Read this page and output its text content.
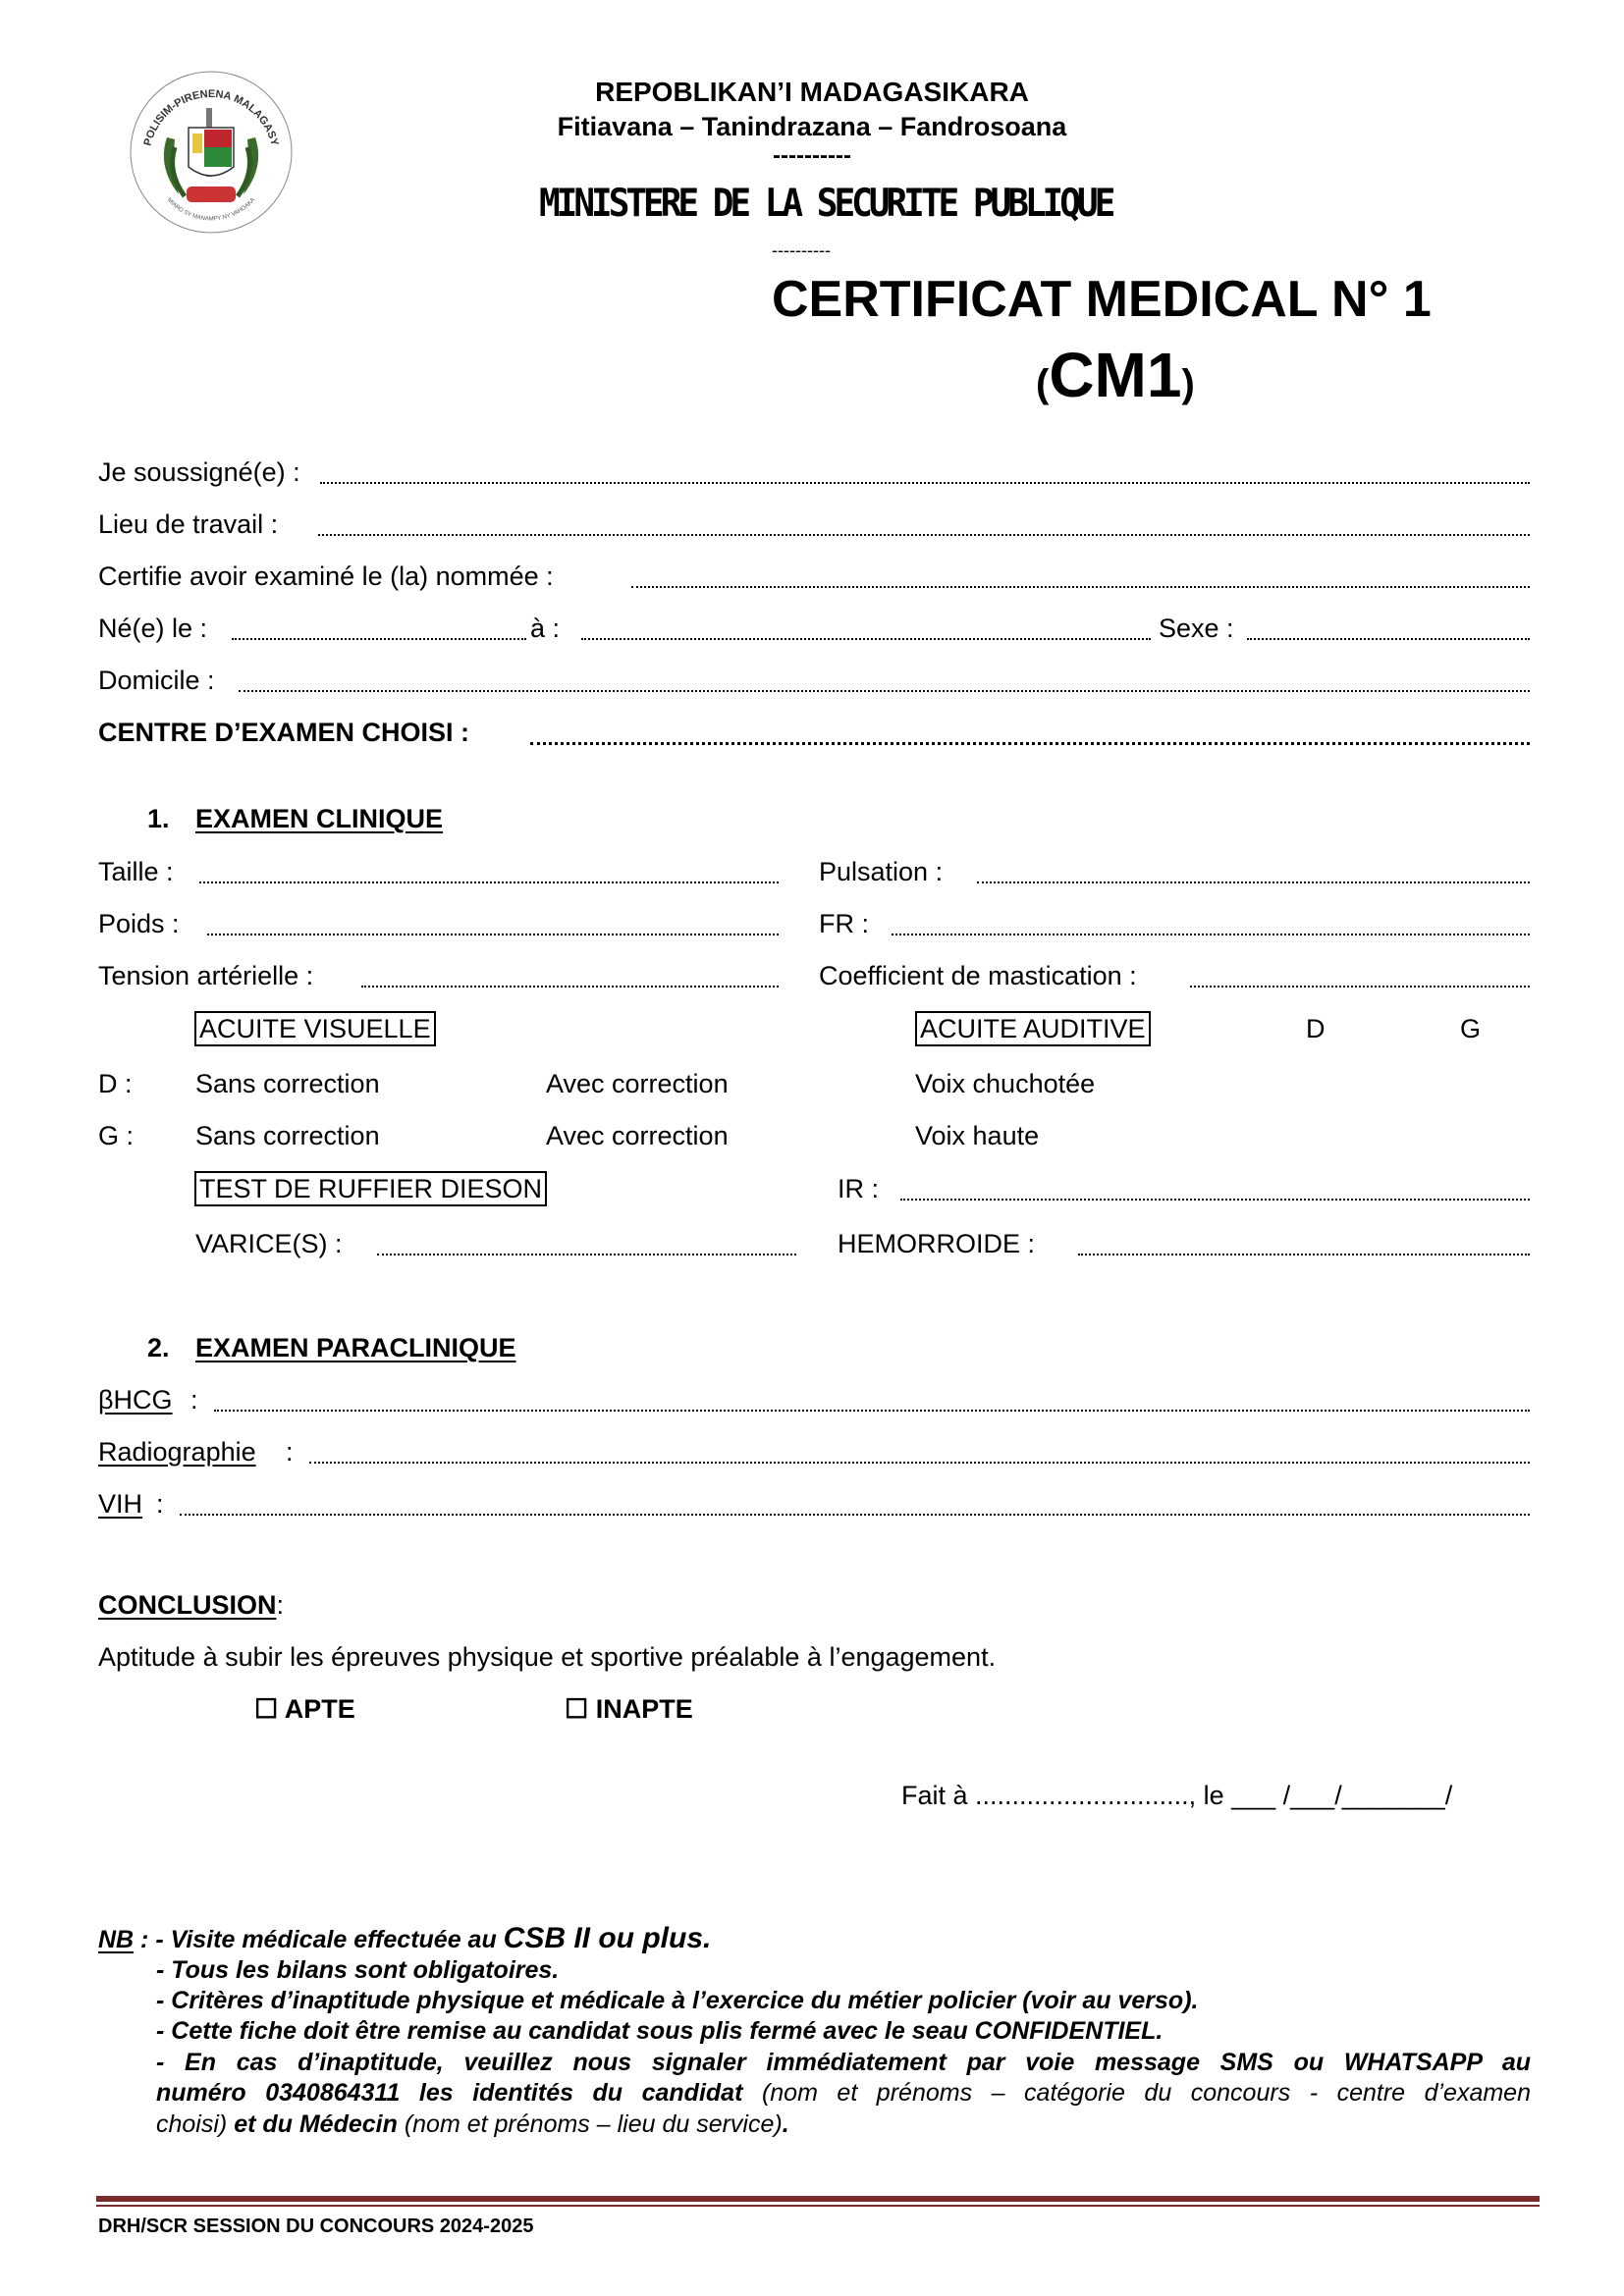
POLISIM-PIRENENA MALAGASY
MIARO SY MANAMPY NY VAHOAKA
REPOBLIKAN’I MADAGASIKARA
Fitiavana – Tanindrazana – Fandrosoana
----------
MINISTERE DE LA SECURITE PUBLIQUE
----------
CERTIFICAT MEDICAL N° 1
(CM1)
Je soussigné(e) :
Lieu de travail :
Certifie avoir examiné le (la) nommée :
Né(e) le :	à :	Sexe :
Domicile :
CENTRE D’EXAMEN CHOISI :
1. EXAMEN CLINIQUE
Taille :	Pulsation :
Poids :	FR :
Tension artérielle :	Coefficient de mastication :
ACUITE VISUELLE	ACUITE AUDITIVE	D	G
D : Sans correction	Avec correction	Voix chuchotée
G : Sans correction	Avec correction	Voix haute
TEST DE RUFFIER DIESON	IR :
VARICE(S) :	HEMORROIDE :
2. EXAMEN PARACLINIQUE
βHCG :
Radiographie :
VIH :
CONCLUSION:
Aptitude à subir les épreuves physique et sportive préalable à l’engagement.
☐ APTE	☐ INAPTE
Fait à ............................., le ___ /___/_______/
NB : - Visite médicale effectuée au CSB II ou plus.
- Tous les bilans sont obligatoires.
- Critères d’inaptitude physique et médicale à l’exercice du métier policier (voir au verso).
- Cette fiche doit être remise au candidat sous plis fermé avec le seau CONFIDENTIEL.
- En cas d’inaptitude, veuillez nous signaler immédiatement par voie message SMS ou WHATSAPP au
numéro 0340864311 les identités du candidat (nom et prénoms – catégorie du concours - centre d’examen
choisi) et du Médecin (nom et prénoms – lieu du service).
DRH/SCR SESSION DU CONCOURS 2024-2025
